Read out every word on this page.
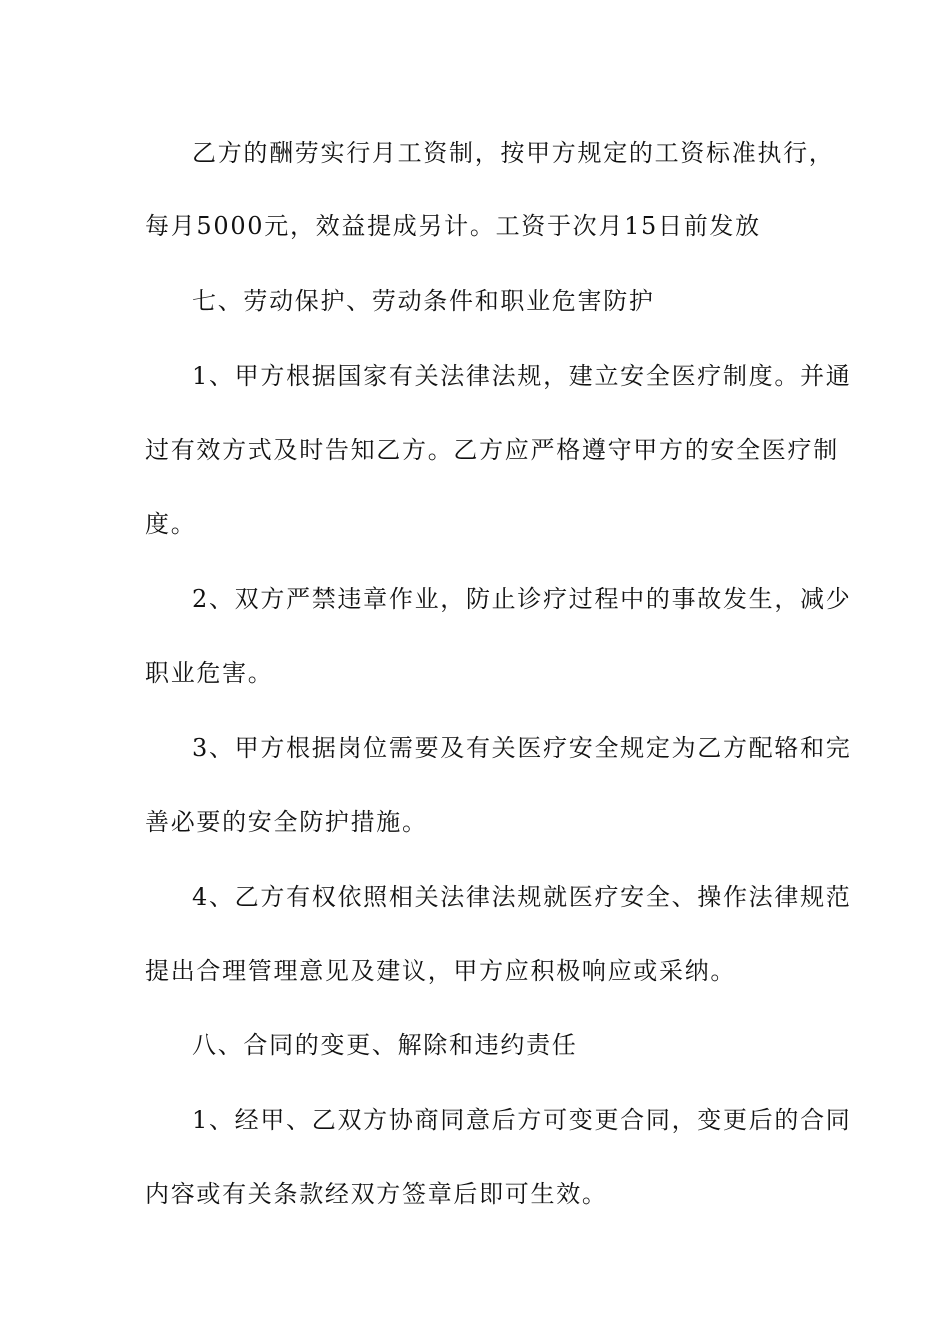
乙方的酬劳实行月工资制，按甲方规定的工资标准执行，

每月5000元，效益提成另计。工资于次月15日前发放

七、劳动保护、劳动条件和职业危害防护

1、甲方根据国家有关法律法规，建立安全医疗制度。并通

过有效方式及时告知乙方。乙方应严格遵守甲方的安全医疗制

度。

2、双方严禁违章作业，防止诊疗过程中的事故发生，减少

职业危害。

3、甲方根据岗位需要及有关医疗安全规定为乙方配辂和完

善必要的安全防护措施。

4、乙方有权依照相关法律法规就医疗安全、操作法律规范

提出合理管理意见及建议，甲方应积极响应或采纳。

八、合同的变更、解除和违约责任

1、经甲、乙双方协商同意后方可变更合同，变更后的合同

内容或有关条款经双方签章后即可生效。
